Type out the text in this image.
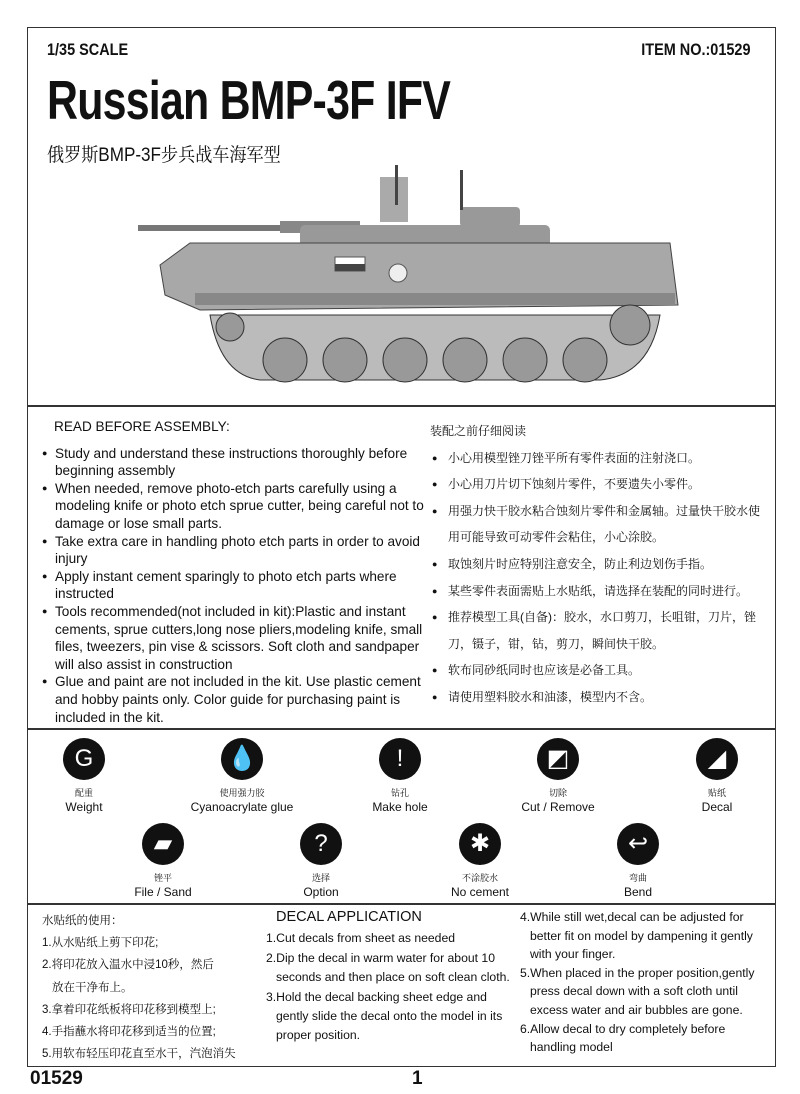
1/35 SCALE	ITEM NO.:01529
Russian BMP-3F IFV
俄罗斯BMP-3F步兵战车海军型
READ BEFORE ASSEMBLY:
● Study and understand these instructions thoroughly before beginning assembly
● When needed, remove photo-etch parts carefully using a modeling knife or photo etch sprue cutter, being careful not to damage or lose small parts.
● Take extra care in handling photo etch parts in order to avoid injury
● Apply instant cement sparingly to photo etch parts where instructed
● Tools recommended(not included in kit):Plastic and instant cements, sprue cutters,long nose pliers,modeling knife, small files, tweezers, pin vise & scissors. Soft cloth and sandpaper will also assist in construction
● Glue and paint are not included in the kit. Use plastic cement and hobby paints only. Color guide for purchasing paint is included in the kit.
装配之前仔细阅读
● 小心用模型锉刀锉平所有零件表面的注射浇口。
● 小心用刀片切下蚀刻片零件，不要遗失小零件。
● 用强力快干胶水粘合蚀刻片零件和金属轴。过量快干胶水使用可能导致可动零件会粘住，小心涂胶。
● 取蚀刻片时应特别注意安全，防止利边划伤手指。
● 某些零件表面需贴上水贴纸，请选择在装配的同时进行。
● 推荐模型工具(自备)：胶水，水口剪刀，长咀钳，刀片，锉刀，镊子，钳，钻，剪刀，瞬间快干胶。
● 软布同砂纸同时也应该是必备工具。
● 请使用塑料胶水和油漆，模型内不含。
G
配重
Weight
💧
使用强力胶
Cyanoacrylate glue
!
钻孔
Make hole
◩
切除
Cut / Remove
◢
贴纸
Decal
▰
锉平
File / Sand
?
选择
Option
✱
不涂胶水
No cement
↩
弯曲
Bend
水贴纸的使用：
1.从水贴纸上剪下印花;
2.将印花放入温水中浸10秒，然后
放在干净布上。
3.拿着印花纸板将印花移到模型上;
4.手指蘸水将印花移到适当的位置;
5.用软布轻压印花直至水干，汽泡消失
DECAL APPLICATION
1.Cut decals from sheet as needed
2.Dip the decal in warm water for about 10
seconds and then place on soft clean cloth.
3.Hold the decal backing sheet edge and
gently slide the decal onto the model in its
proper position.
4.While still wet,decal can be adjusted for
better fit on model by dampening it gently
with your finger.
5.When placed in the proper position,gently
press decal down with a soft cloth until
excess water and air bubbles are gone.
6.Allow decal to dry completely before
handling model
01529	1
